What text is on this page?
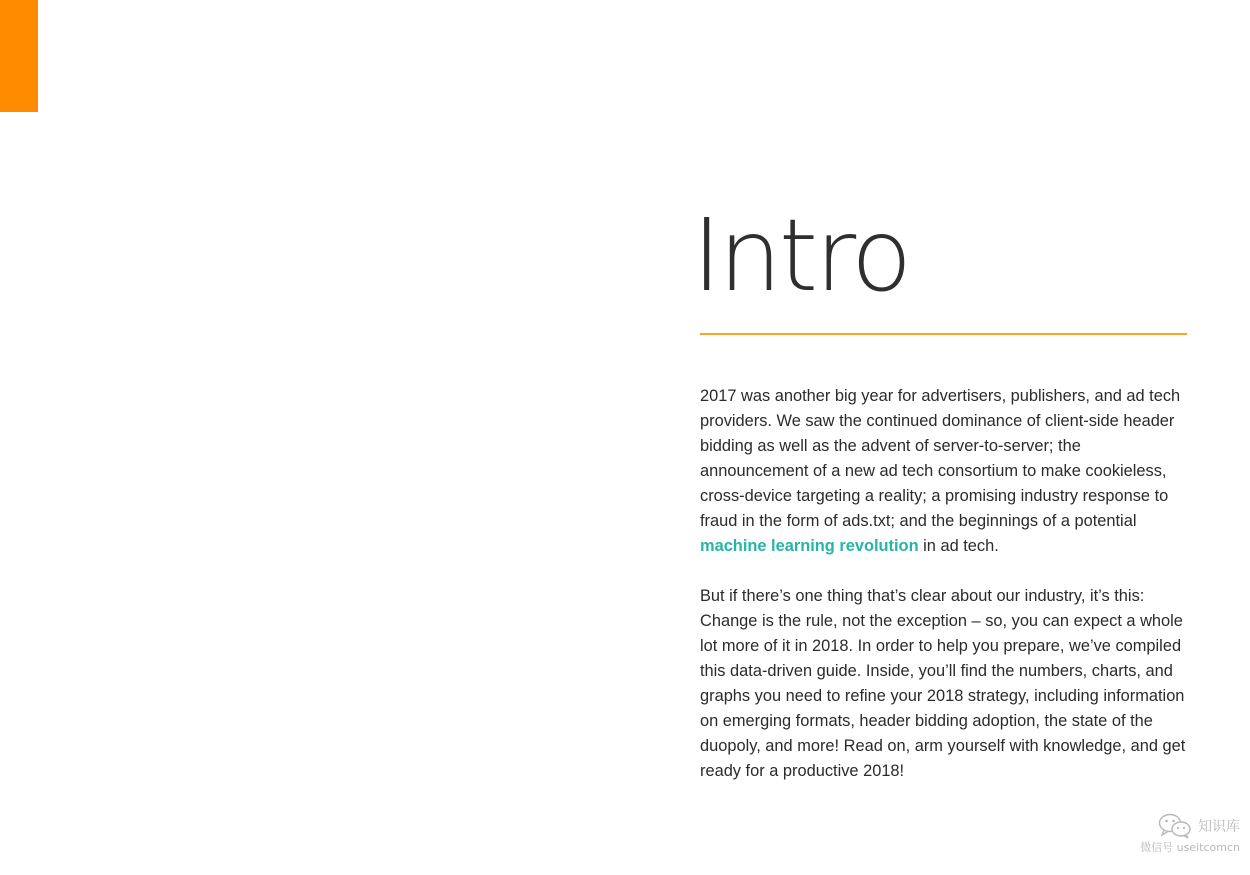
Intro

2017 was another big year for advertisers, publishers, and ad tech providers. We saw the continued dominance of client-side header bidding as well as the advent of server-to-server; the announcement of a new ad tech consortium to make cookieless, cross-device targeting a reality; a promising industry response to fraud in the form of ads.txt; and the beginnings of a potential machine learning revolution in ad tech.

But if there’s one thing that’s clear about our industry, it’s this: Change is the rule, not the exception – so, you can expect a whole lot more of it in 2018. In order to help you prepare, we’ve compiled this data-driven guide. Inside, you’ll find the numbers, charts, and graphs you need to refine your 2018 strategy, including information on emerging formats, header bidding adoption, the state of the duopoly, and more! Read on, arm yourself with knowledge, and get ready for a productive 2018!

知识库
微信号 useitcomcn
